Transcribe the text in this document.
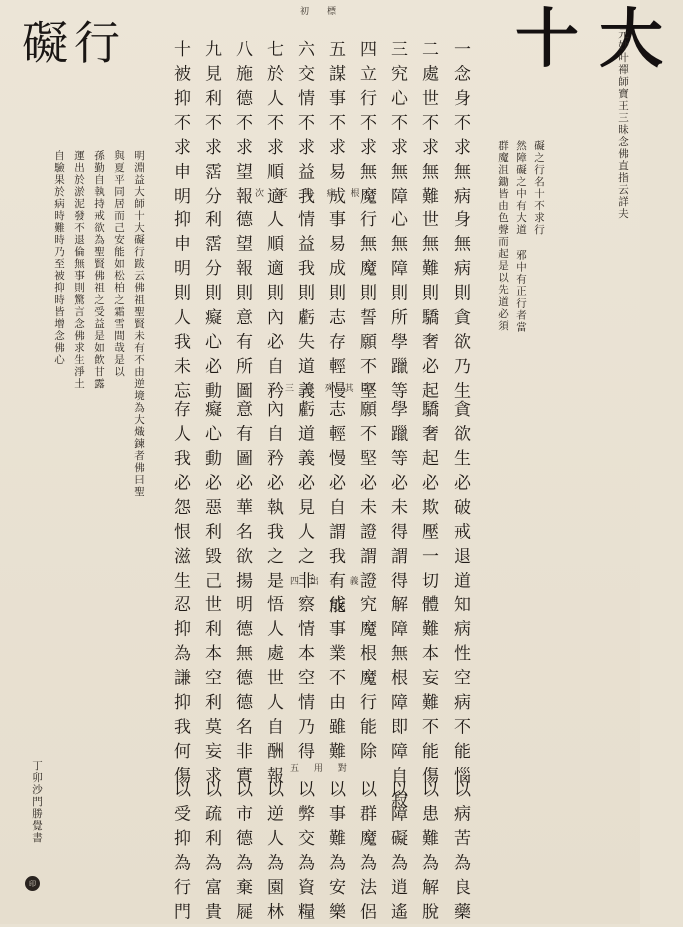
十大
礙行	元妙叶禪師寶王三昧念佛直指云詳夫
礙之行名十不求行
然障礙之中有大道 邪中有正行者當
群魔沮鋤皆由色聲而起是以先道必須
初標
一念身不求無病
二處世不求無難
三究心不求無障
四立行不求無魔
五謀事不求易成
六交情不求益我
七於人不求順適
八施德不求望報
九見利不求霑分
十被抑不求申明	次 反 明 病 根
身無病則貪欲乃生
世無難則驕奢必起
心無障則所學躐等
行無魔則誓願不堅
事易成則志存輕慢
情益我則虧失道義
人順適則內必自矜
德望報則意有所圖
利霑分則癡心必動
抑申明則人我未忘	三 詳 列 其 證
貪欲生必破戒退道
驕奢起必欺壓一切
學躐等必未得謂得
願不堅必未證謂證
志輕慢必自謂我有能
虧道義必見人之非
內自矜必執我之是
意有圖必華名欲揚
癡心動必惡利毀己
存人我必怨恨滋生	四 出 正 義
知病性空病不能惱
體難本妄難不能傷
解障無根障即障自寂
究魔根魔行能除
成事業不由雖難
察情本空情乃得
悟人處世人自酬報
明德無德德名非實
世利本空利莫妄求
忍抑為謙抑我何傷	五 用 對
以病苦為良藥
以患難為解脫
以障礙為逍遙
以群魔為法侶
以事難為安樂
以弊交為資糧
以逆人為園林
以市德為棄屣
以疏利為富貴
以受抑為行門
明淵益大師十大礙行跋云佛祖聖賢未有不由逆境為大熾鍊者佛曰聖
與夏平同居而己安能如松柏之霜雪間哉是以
孫勤自執持戒欲為聖賢佛祖之受益是如飲甘露
運出於淤泥發不退倫無事則驚言念佛求生淨土
自驗果於病時難時乃至被抑時皆增念佛心
丁卯沙門勝覺書
印
